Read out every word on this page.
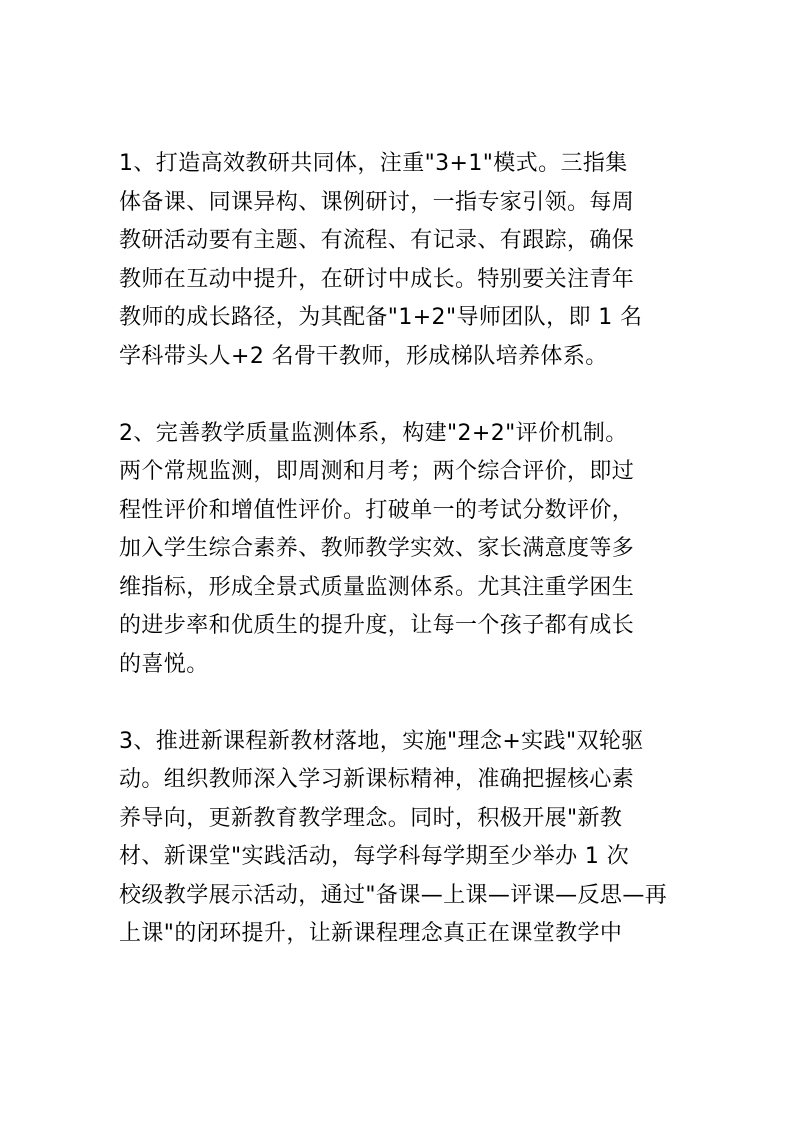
1、打造高效教研共同体，注重"3+1"模式。三指集
体备课、同课异构、课例研讨，一指专家引领。每周
教研活动要有主题、有流程、有记录、有跟踪，确保
教师在互动中提升，在研讨中成长。特别要关注青年
教师的成长路径，为其配备"1+2"导师团队，即 1 名
学科带头人+2 名骨干教师，形成梯队培养体系。
2、完善教学质量监测体系，构建"2+2"评价机制。
两个常规监测，即周测和月考；两个综合评价，即过
程性评价和增值性评价。打破单一的考试分数评价，
加入学生综合素养、教师教学实效、家长满意度等多
维指标，形成全景式质量监测体系。尤其注重学困生
的进步率和优质生的提升度，让每一个孩子都有成长
的喜悦。
3、推进新课程新教材落地，实施"理念+实践"双轮驱
动。组织教师深入学习新课标精神，准确把握核心素
养导向，更新教育教学理念。同时，积极开展"新教
材、新课堂"实践活动，每学科每学期至少举办 1 次
校级教学展示活动，通过"备课—上课—评课—反思—再
上课"的闭环提升，让新课程理念真正在课堂教学中
